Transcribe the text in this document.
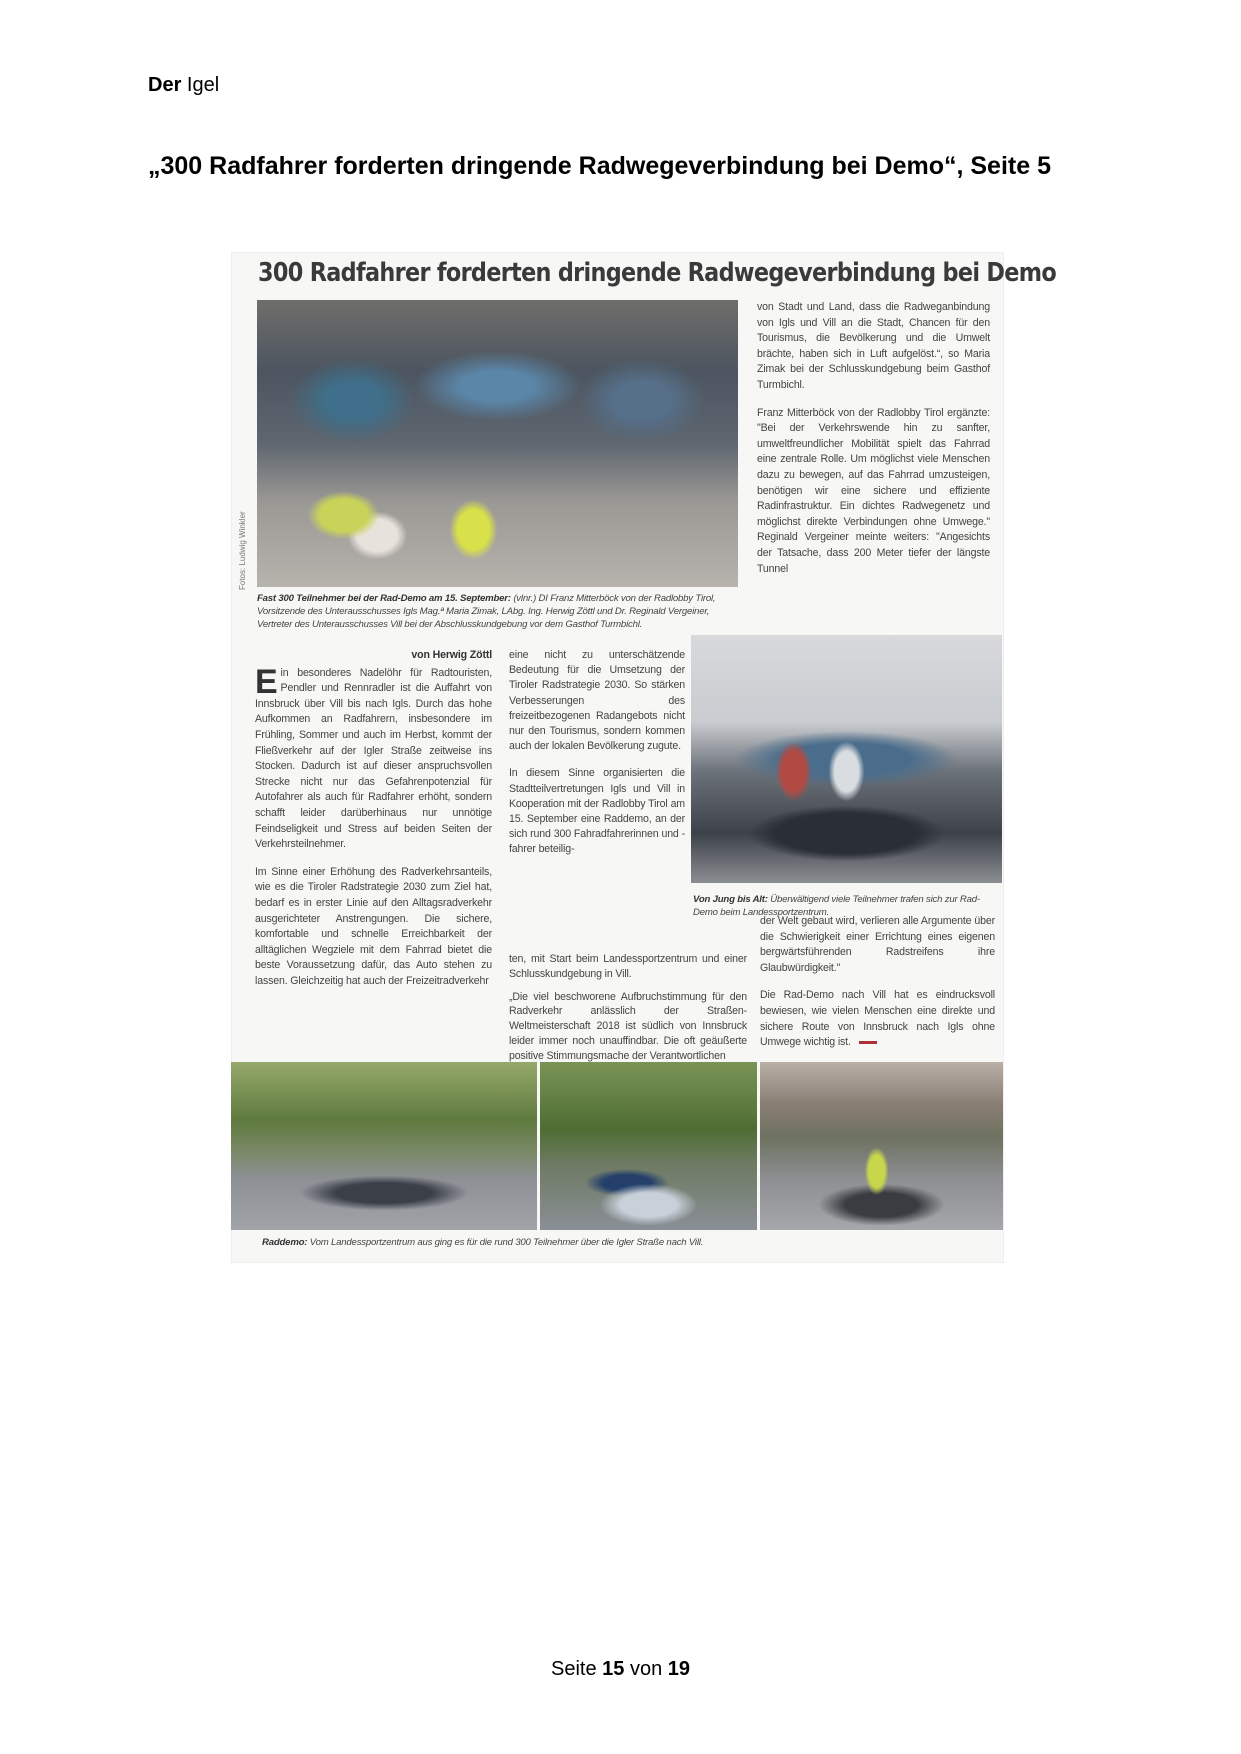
Der Igel
„300 Radfahrer forderten dringende Radwegeverbindung bei Demo“, Seite 5
300 Radfahrer forderten dringende Radwegeverbindung bei Demo
Fotos: Ludwig Winkler
Fast 300 Teilnehmer bei der Rad-Demo am 15. September: (vlnr.) DI Franz Mitterböck von der Radlobby Tirol, Vorsitzende des Unterausschusses Igls Mag.ª Maria Zimak, LAbg. Ing. Herwig Zöttl und Dr. Reginald Vergeiner, Vertreter des Unterausschusses Vill bei der Abschlusskundgebung vor dem Gasthof Turmbichl.

von Stadt und Land, dass die Radweganbindung von Igls und Vill an die Stadt, Chancen für den Tourismus, die Bevölkerung und die Umwelt brächte, haben sich in Luft aufgelöst.“, so Maria Zimak bei der Schlusskundgebung beim Gasthof Turmbichl.

Franz Mitterböck von der Radlobby Tirol ergänzte: "Bei der Verkehrswende hin zu sanfter, umweltfreundlicher Mobilität spielt das Fahrrad eine zentrale Rolle. Um möglichst viele Menschen dazu zu bewegen, auf das Fahrrad umzusteigen, benötigen wir eine sichere und effiziente Radinfrastruktur. Ein dichtes Radwegenetz und möglichst direkte Verbindungen ohne Umwege." Reginald Vergeiner meinte weiters: "Angesichts der Tatsache, dass 200 Meter tiefer der längste Tunnel

Von Jung bis Alt: Überwältigend viele Teilnehmer trafen sich zur Rad-Demo beim Landessportzentrum.
von Herwig Zöttl

Ein besonderes Nadelöhr für Radtouristen, Pendler und Rennradler ist die Auffahrt von Innsbruck über Vill bis nach Igls. Durch das hohe Aufkommen an Radfahrern, insbesondere im Frühling, Sommer und auch im Herbst, kommt der Fließverkehr auf der Igler Straße zeitweise ins Stocken. Dadurch ist auf dieser anspruchsvollen Strecke nicht nur das Gefahrenpotenzial für Autofahrer als auch für Radfahrer erhöht, sondern schafft leider darüberhinaus nur unnötige Feindseligkeit und Stress auf beiden Seiten der Verkehrsteilnehmer.

Im Sinne einer Erhöhung des Radverkehrsanteils, wie es die Tiroler Radstrategie 2030 zum Ziel hat, bedarf es in erster Linie auf den Alltagsradverkehr ausgerichteter Anstrengungen. Die sichere, komfortable und schnelle Erreichbarkeit der alltäglichen Wegziele mit dem Fahrrad bietet die beste Voraussetzung dafür, das Auto stehen zu lassen. Gleichzeitig hat auch der Freizeitradverkehr

eine nicht zu unterschätzende Bedeutung für die Umsetzung der Tiroler Radstrategie 2030. So stärken Verbesserungen des freizeitbezogenen Radangebots nicht nur den Tourismus, sondern kommen auch der lokalen Bevölkerung zugute.

In diesem Sinne organisierten die Stadtteilvertretungen Igls und Vill in Kooperation mit der Radlobby Tirol am 15. September eine Raddemo, an der sich rund 300 Fahradfahrerinnen und -fahrer beteilig-

ten, mit Start beim Landessportzentrum und einer Schlusskundgebung in Vill.

„Die viel beschworene Aufbruchstimmung für den Radverkehr anlässlich der Straßen-Weltmeisterschaft 2018 ist südlich von Innsbruck leider immer noch unauffindbar. Die oft geäußerte positive Stimmungsmache der Verantwortlichen

der Welt gebaut wird, verlieren alle Argumente über die Schwierigkeit einer Errichtung eines eigenen bergwärtsführenden Radstreifens ihre Glaubwürdigkeit."

Die Rad-Demo nach Vill hat es eindrucksvoll bewiesen, wie vielen Menschen eine direkte und sichere Route von Innsbruck nach Igls ohne Umwege wichtig ist.

Raddemo: Vom Landessportzentrum aus ging es für die rund 300 Teilnehmer über die Igler Straße nach Vill.
Seite 15 von 19
